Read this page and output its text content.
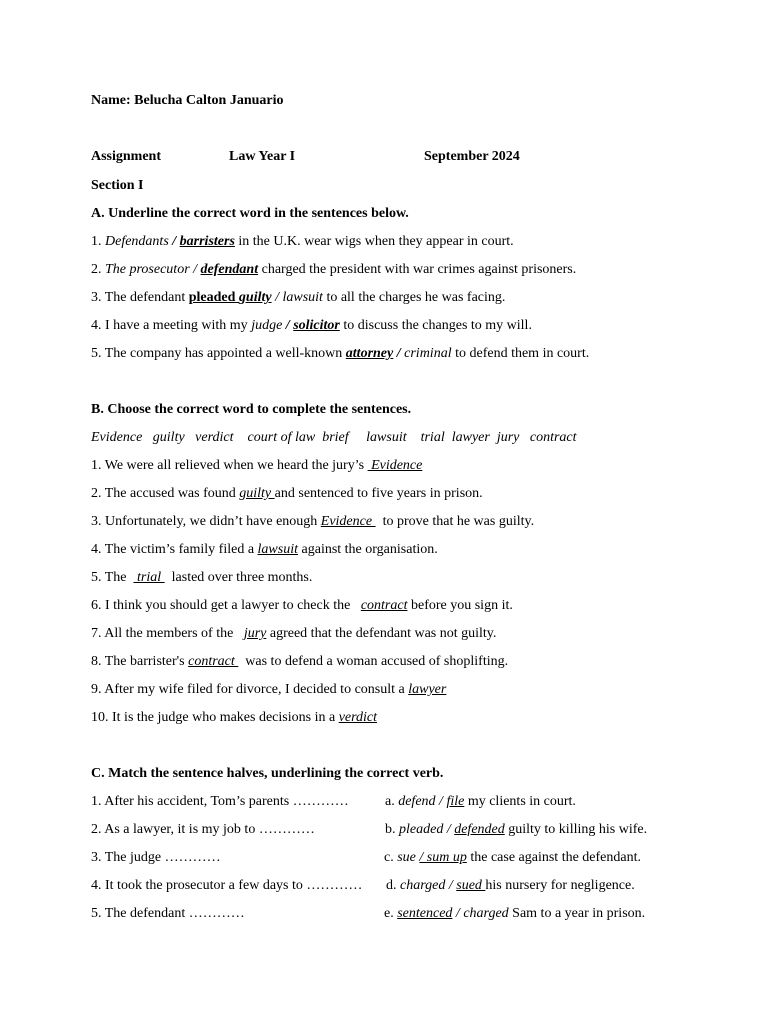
Name: Belucha Calton Januario
Assignment	Law Year I	September 2024
Section I
A. Underline the correct word in the sentences below.
1. Defendants / barristers in the U.K. wear wigs when they appear in court.
2. The prosecutor / defendant charged the president with war crimes against prisoners.
3. The defendant pleaded guilty / lawsuit to all the charges he was facing.
4. I have a meeting with my judge / solicitor to discuss the changes to my will.
5. The company has appointed a well-known attorney / criminal to defend them in court.
B. Choose the correct word to complete the sentences.
Evidence   guilty   verdict    court of law  brief     lawsuit    trial  lawyer  jury   contract
1. We were all relieved when we heard the jury’s  Evidence
2. The accused was found guilty and sentenced to five years in prison.
3. Unfortunately, we didn’t have enough Evidence   to prove that he was guilty.
4. The victim’s family filed a lawsuit against the organisation.
5. The   trial   lasted over three months.
6. I think you should get a lawyer to check the   contract before you sign it.
7. All the members of the   jury agreed that the defendant was not guilty.
8. The barrister's contract   was to defend a woman accused of shoplifting.
9. After my wife filed for divorce, I decided to consult a lawyer
10. It is the judge who makes decisions in a verdict
C. Match the sentence halves, underlining the correct verb.
1. After his accident, Tom’s parents …………
2. As a lawyer, it is my job to …………
3. The judge …………
4. It took the prosecutor a few days to …………
5. The defendant …………
a. defend / file my clients in court.
b. pleaded / defended guilty to killing his wife.
c. sue / sum up the case against the defendant.
d. charged / sued his nursery for negligence.
e. sentenced / charged Sam to a year in prison.
